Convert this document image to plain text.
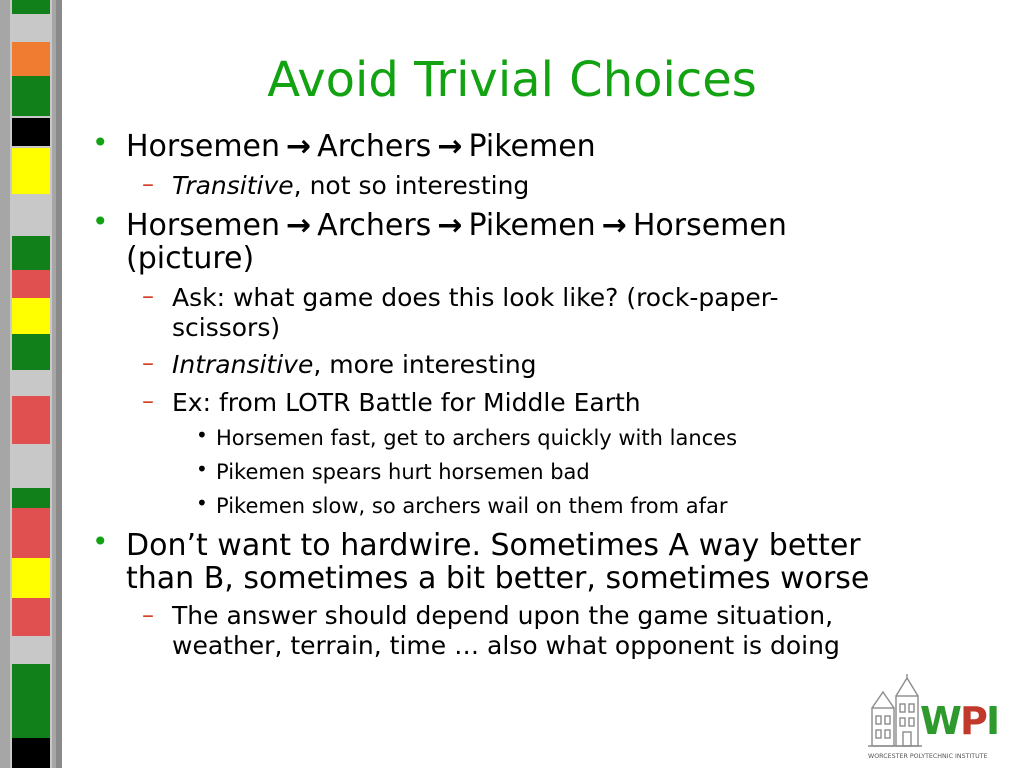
Avoid Trivial Choices
• Horsemen → Archers → Pikemen
– Transitive, not so interesting
• Horsemen → Archers → Pikemen → Horsemen
(picture)
– Ask: what game does this look like? (rock-paper-
scissors)
– Intransitive, more interesting
– Ex: from LOTR Battle for Middle Earth
• Horsemen fast, get to archers quickly with lances
• Pikemen spears hurt horsemen bad
• Pikemen slow, so archers wail on them from afar
• Don’t want to hardwire. Sometimes A way better
than B, sometimes a bit better, sometimes worse
– The answer should depend upon the game situation,
weather, terrain, time … also what opponent is doing
W
P
I
WORCESTER POLYTECHNIC INSTITUTE
